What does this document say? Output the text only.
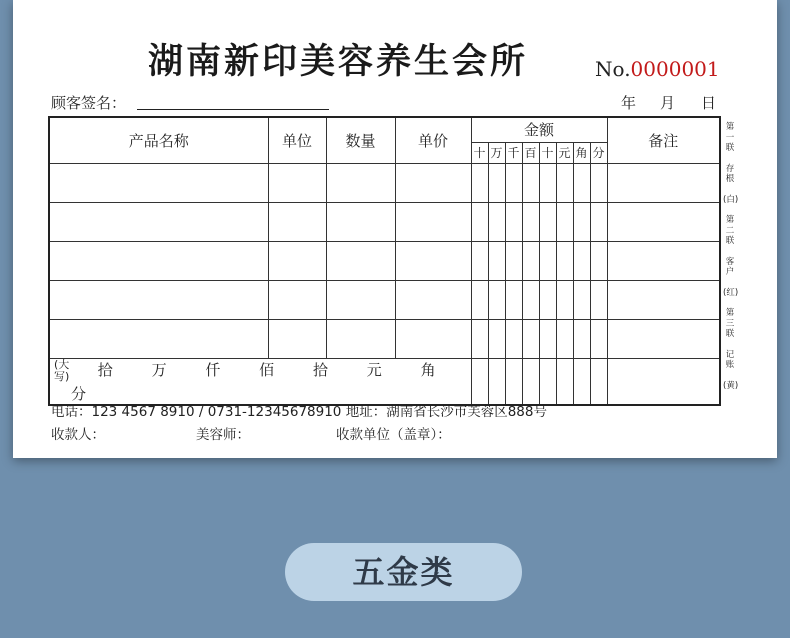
湖南新印美容养生会所	No.0000001
顾客签名：	年 月 日
产品名称	单位	数量	单价	金额								备注
				十	万	千	百	十	元	角	分	

(大写) 拾 万 仟 佰 拾 元 角 分												
第一联
存根
(白)
第二联
客户
(红)
第三联
记账
(黄)
电话：123 4567 8910 / 0731-12345678910 地址：湖南省长沙市芙蓉区888号
收款人：	美容师：	收款单位（盖章）：
五金类
